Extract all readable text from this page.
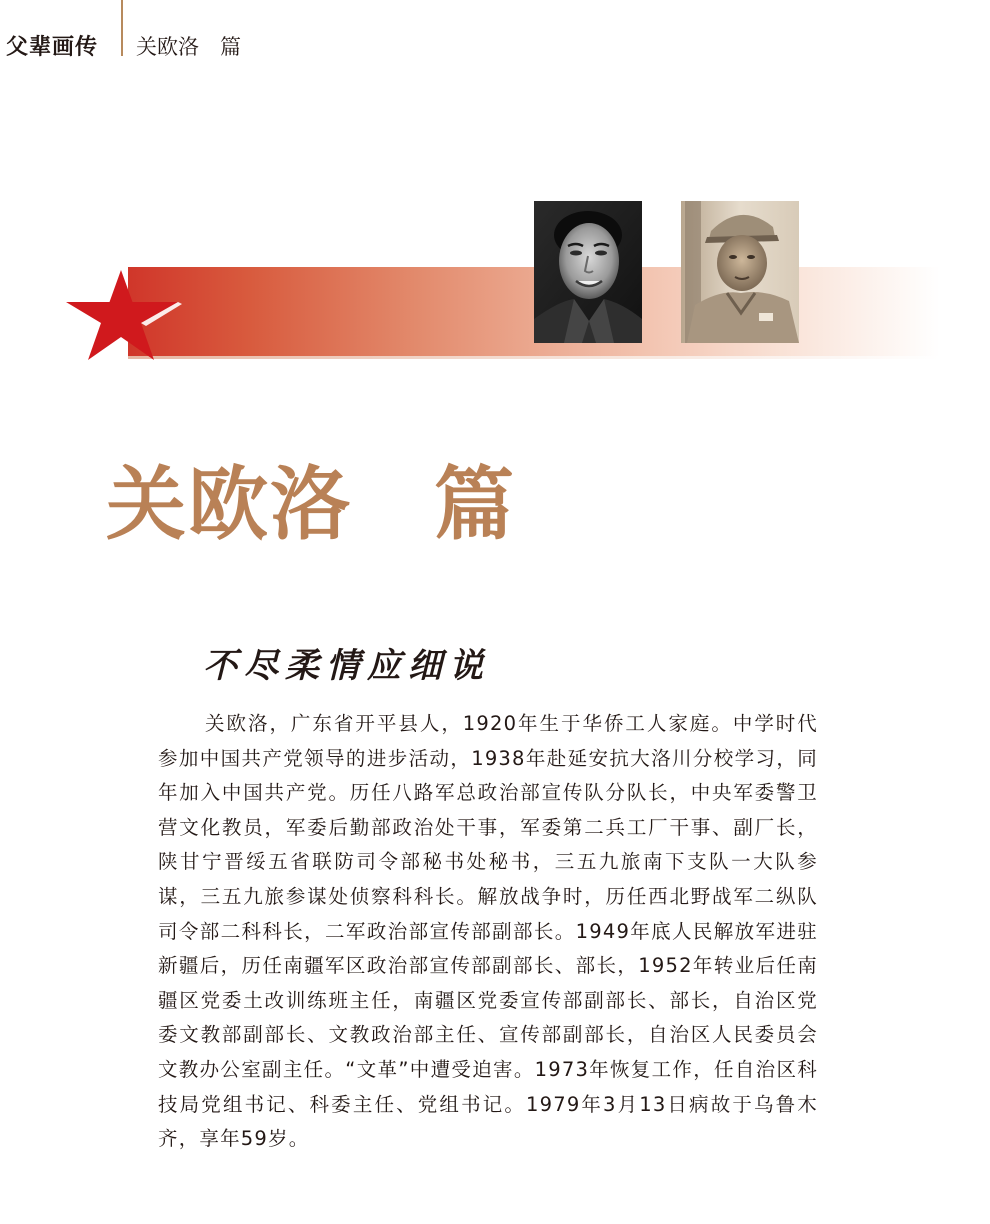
父辈画传 关欧洛　篇
关欧洛　篇
不尽柔情应细说

关欧洛，广东省开平县人，1920年生于华侨工人家庭。中学时代参加中国共产党领导的进步活动，1938年赴延安抗大洛川分校学习，同年加入中国共产党。历任八路军总政治部宣传队分队长，中央军委警卫营文化教员，军委后勤部政治处干事，军委第二兵工厂干事、副厂长，陕甘宁晋绥五省联防司令部秘书处秘书，三五九旅南下支队一大队参谋，三五九旅参谋处侦察科科长。解放战争时，历任西北野战军二纵队司令部二科科长，二军政治部宣传部副部长。1949年底人民解放军进驻新疆后，历任南疆军区政治部宣传部副部长、部长，1952年转业后任南疆区党委土改训练班主任，南疆区党委宣传部副部长、部长，自治区党委文教部副部长、文教政治部主任、宣传部副部长，自治区人民委员会文教办公室副主任。“文革”中遭受迫害。1973年恢复工作，任自治区科技局党组书记、科委主任、党组书记。1979年3月13日病故于乌鲁木齐，享年59岁。
